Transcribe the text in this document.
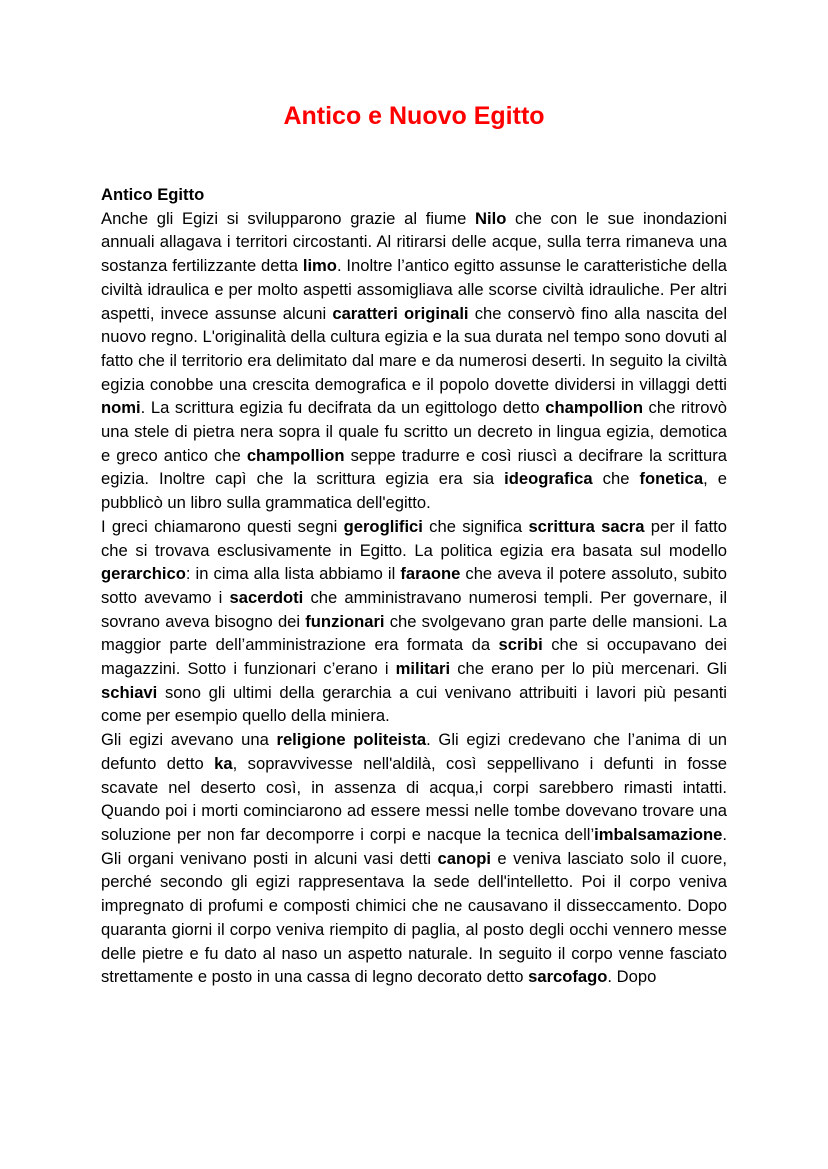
Antico e Nuovo Egitto

Antico Egitto

Anche gli Egizi si svilupparono grazie al fiume Nilo che con le sue inondazioni annuali allagava i territori circostanti. Al ritirarsi delle acque, sulla terra rimaneva una sostanza fertilizzante detta limo. Inoltre l’antico egitto assunse le caratteristiche della civiltà idraulica e per molto aspetti assomigliava alle scorse civiltà idrauliche. Per altri aspetti, invece assunse alcuni caratteri originali che conservò fino alla nascita del nuovo regno. L'originalità della cultura egizia e la sua durata nel tempo sono dovuti al fatto che il territorio era delimitato dal mare e da numerosi deserti. In seguito la civiltà egizia conobbe una crescita demografica e il popolo dovette dividersi in villaggi detti nomi. La scrittura egizia fu decifrata da un egittologo detto champollion che ritrovò una stele di pietra nera sopra il quale fu scritto un decreto in lingua egizia, demotica e greco antico che champollion seppe tradurre e così riuscì a decifrare la scrittura egizia. Inoltre capì che la scrittura egizia era sia ideografica che fonetica, e pubblicò un libro sulla grammatica dell'egitto.

I greci chiamarono questi segni geroglifici che significa scrittura sacra per il fatto che si trovava esclusivamente in Egitto. La politica egizia era basata sul modello gerarchico: in cima alla lista abbiamo il faraone che aveva il potere assoluto, subito sotto avevamo i sacerdoti che amministravano numerosi templi. Per governare, il sovrano aveva bisogno dei funzionari che svolgevano gran parte delle mansioni. La maggior parte dell’amministrazione era formata da scribi che si occupavano dei magazzini. Sotto i funzionari c’erano i militari che erano per lo più mercenari. Gli schiavi sono gli ultimi della gerarchia a cui venivano attribuiti i lavori più pesanti come per esempio quello della miniera.

Gli egizi avevano una religione politeista. Gli egizi credevano che l’anima di un defunto detto ka, sopravvivesse nell'aldilà, così seppellivano i defunti in fosse scavate nel deserto così, in assenza di acqua,i corpi sarebbero rimasti intatti. Quando poi i morti cominciarono ad essere messi nelle tombe dovevano trovare una soluzione per non far decomporre i corpi e nacque la tecnica dell’imbalsamazione. Gli organi venivano posti in alcuni vasi detti canopi e veniva lasciato solo il cuore, perché secondo gli egizi rappresentava la sede dell'intelletto. Poi il corpo veniva impregnato di profumi e composti chimici che ne causavano il disseccamento. Dopo quaranta giorni il corpo veniva riempito di paglia, al posto degli occhi vennero messe delle pietre e fu dato al naso un aspetto naturale. In seguito il corpo venne fasciato strettamente e posto in una cassa di legno decorato detto sarcofago. Dopo
